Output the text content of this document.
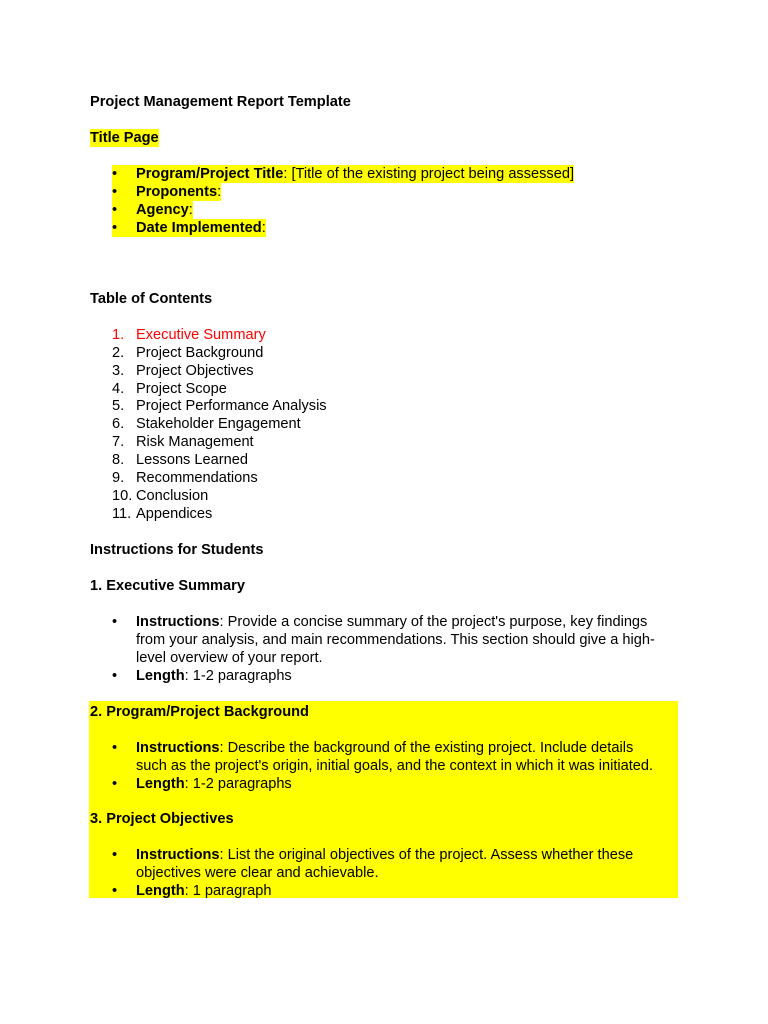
Project Management Report Template
Title Page
•	Program/Project Title: [Title of the existing project being assessed]
•	Proponents:
•	Agency:
•	Date Implemented:
Table of Contents
1. Executive Summary
2. Project Background
3. Project Objectives
4. Project Scope
5. Project Performance Analysis
6. Stakeholder Engagement
7. Risk Management
8. Lessons Learned
9. Recommendations
10. Conclusion
11. Appendices
Instructions for Students
1. Executive Summary
• Instructions: Provide a concise summary of the project's purpose, key findings
from your analysis, and main recommendations. This section should give a high-
level overview of your report.
• Length: 1-2 paragraphs
2. Program/Project Background
• Instructions: Describe the background of the existing project. Include details
such as the project's origin, initial goals, and the context in which it was initiated.
• Length: 1-2 paragraphs
3. Project Objectives
• Instructions: List the original objectives of the project. Assess whether these
objectives were clear and achievable.
• Length: 1 paragraph
